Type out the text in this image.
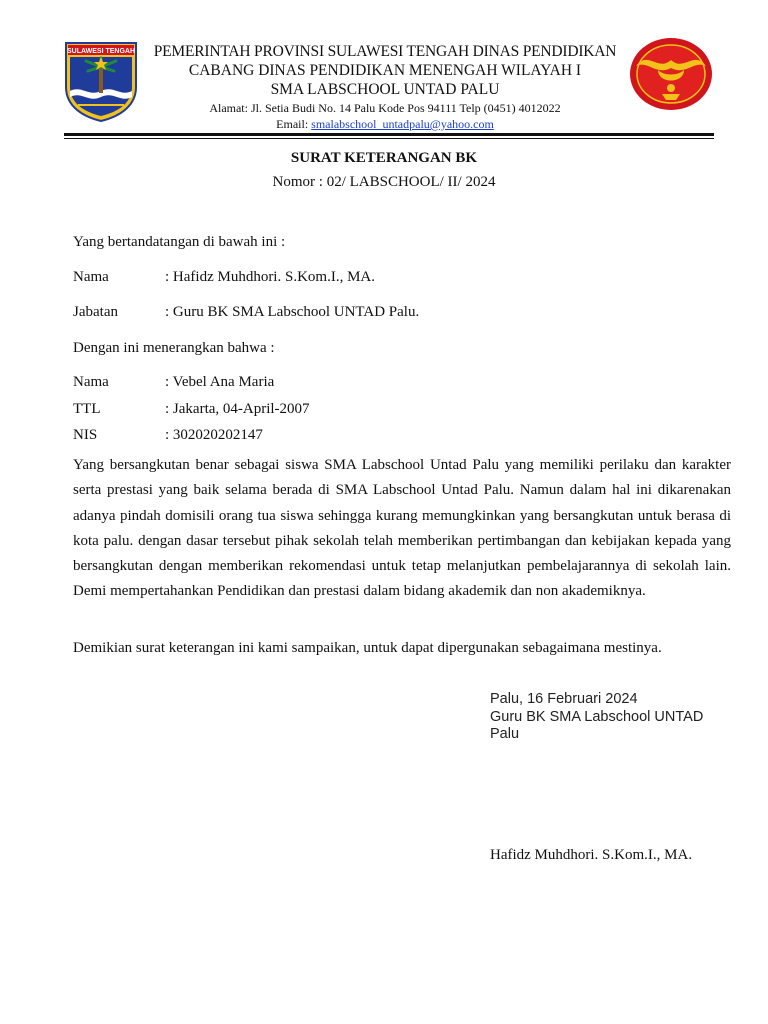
SULAWESI TENGAH	PEMERINTAH PROVINSI SULAWESI TENGAH DINAS PENDIDIKAN
CABANG DINAS PENDIDIKAN MENENGAH WILAYAH I
SMA LABSCHOOL UNTAD PALU
Alamat: Jl. Setia Budi No. 14 Palu Kode Pos 94111 Telp (0451) 4012022
Email: smalabschool_untadpalu@yahoo.com
SURAT KETERANGAN BK
Nomor : 02/ LABSCHOOL/ II/ 2024
Yang bertandatangan di bawah ini :
Nama	: Hafidz Muhdhori. S.Kom.I., MA.
Jabatan	: Guru BK SMA Labschool UNTAD Palu.
Dengan ini menerangkan bahwa :
Nama	: Vebel Ana Maria
TTL	: Jakarta, 04-April-2007
NIS	: 302020202147
Yang bersangkutan benar sebagai siswa SMA Labschool Untad Palu yang memiliki perilaku dan karakter serta prestasi yang baik selama berada di SMA Labschool Untad Palu. Namun dalam hal ini dikarenakan adanya pindah domisili orang tua siswa sehingga kurang memungkinkan yang bersangkutan untuk berasa di kota palu. dengan dasar tersebut pihak sekolah telah memberikan pertimbangan dan kebijakan kepada yang bersangkutan dengan memberikan rekomendasi untuk tetap melanjutkan pembelajarannya di sekolah lain. Demi mempertahankan Pendidikan dan prestasi dalam bidang akademik dan non akademiknya.
Demikian surat keterangan ini kami sampaikan, untuk dapat dipergunakan sebagaimana mestinya.
Palu, 16 Februari 2024
Guru BK SMA Labschool UNTAD
Palu
Hafidz Muhdhori. S.Kom.I., MA.
